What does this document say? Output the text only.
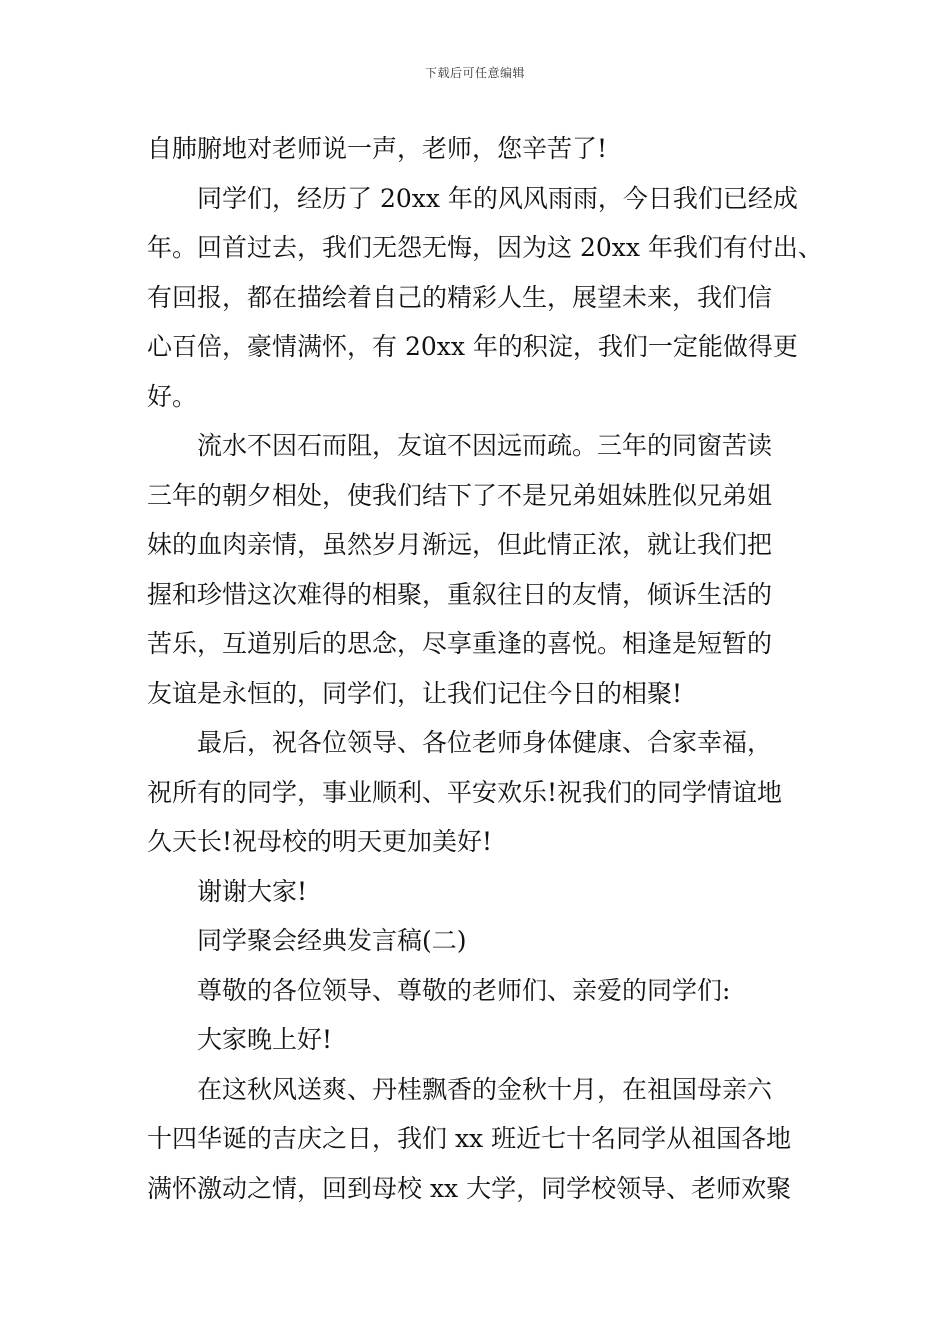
下载后可任意编辑
自肺腑地对老师说一声，老师，您辛苦了!
同学们，经历了 20xx 年的风风雨雨，今日我们已经成
年。回首过去，我们无怨无悔，因为这 20xx 年我们有付出、
有回报，都在描绘着自己的精彩人生，展望未来，我们信
心百倍，豪情满怀，有 20xx 年的积淀，我们一定能做得更
好。
流水不因石而阻，友谊不因远而疏。三年的同窗苦读
三年的朝夕相处，使我们结下了不是兄弟姐妹胜似兄弟姐
妹的血肉亲情，虽然岁月渐远，但此情正浓，就让我们把
握和珍惜这次难得的相聚，重叙往日的友情，倾诉生活的
苦乐，互道别后的思念，尽享重逢的喜悦。相逢是短暂的
友谊是永恒的，同学们，让我们记住今日的相聚!
最后，祝各位领导、各位老师身体健康、合家幸福，
祝所有的同学，事业顺利、平安欢乐!祝我们的同学情谊地
久天长!祝母校的明天更加美好!
谢谢大家!
同学聚会经典发言稿(二)
尊敬的各位领导、尊敬的老师们、亲爱的同学们:
大家晚上好!
在这秋风送爽、丹桂飘香的金秋十月，在祖国母亲六
十四华诞的吉庆之日，我们 xx 班近七十名同学从祖国各地
满怀激动之情，回到母校 xx 大学，同学校领导、老师欢聚
